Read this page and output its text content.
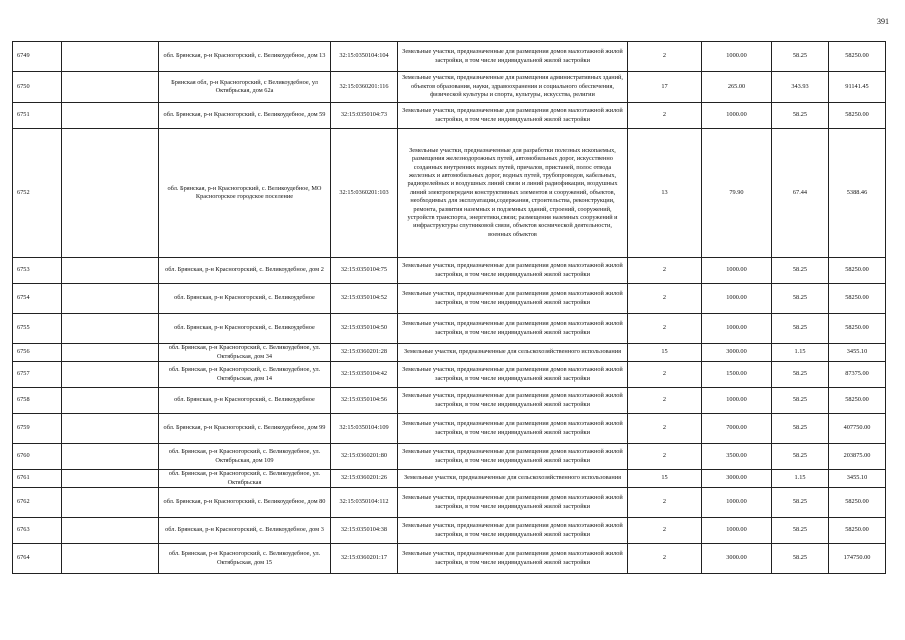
391
6749		обл. Брянская, р-н Красногорский, с. Великоудебное, дом 13	32:15:0350104:104	Земельные участки, предназначенные для размещения домов малоэтажной жилой застройки, в том числе индивидуальной жилой застройки	2	1000.00	58.25	58250.00
6750		Брянская обл, р-н Красногорский, с Великоудебное, ул Октябрьская, дом 62а	32:15:0360201:116	Земельные участки, предназначенные для размещения административных зданий, объектов образования, науки, здравоохранения и социального обеспечения, физической культуры и спорта, культуры, искусства, религии	17	265.00	343.93	91141.45
6751		обл. Брянская, р-н Красногорский, с. Великоудебное, дом 59	32:15:0350104:73	Земельные участки, предназначенные для размещения домов малоэтажной жилой застройки, в том числе индивидуальной жилой застройки	2	1000.00	58.25	58250.00
6752		обл. Брянская, р-н Красногорский, с. Великоудебное, МО Красногорское городское поселение	32:15:0360201:103	Земельные участки, предназначенные для разработки полезных ископаемых, размещения железнодорожных путей, автомобильных дорог, искусственно созданных внутренних водных путей, причалов, пристаней, полос отвода железных и автомобильных дорог, водных путей, трубопроводов, кабельных, радиорелейных и воздушных линий связи и линий радиофикации, воздушных линий электропередачи конструктивных элементов и сооружений, объектов, необходимых для эксплуатации,содержания, строительства, реконструкции, ремонта, развития наземных и подземных зданий, строений, сооружений, устройств транспорта, энергетики,связи; размещения наземных сооружений и инфраструктуры спутниковой связи, объектов космической деятельности, военных объектов	13	79.90	67.44	5388.46
6753		обл. Брянская, р-н Красногорский, с. Великоудебное, дом 2	32:15:0350104:75	Земельные участки, предназначенные для размещения домов малоэтажной жилой застройки, в том числе индивидуальной жилой застройки	2	1000.00	58.25	58250.00
6754		обл. Брянская, р-н Красногорский, с. Великоудебное	32:15:0350104:52	Земельные участки, предназначенные для размещения домов малоэтажной жилой застройки, в том числе индивидуальной жилой застройки	2	1000.00	58.25	58250.00
6755		обл. Брянская, р-н Красногорский, с. Великоудебное	32:15:0350104:50	Земельные участки, предназначенные для размещения домов малоэтажной жилой застройки, в том числе индивидуальной жилой застройки	2	1000.00	58.25	58250.00
6756		обл. Брянская, р-н Красногорский, с. Великоудебное, ул. Октябрьская, дом 34	32:15:0360201:28	Земельные участки, предназначенные для сельскохозяйственного использования	15	3000.00	1.15	3455.10
6757		обл. Брянская, р-н Красногорский, с. Великоудебное, ул. Октябрьская, дом 14	32:15:0350104:42	Земельные участки, предназначенные для размещения домов малоэтажной жилой застройки, в том числе индивидуальной жилой застройки	2	1500.00	58.25	87375.00
6758		обл. Брянская, р-н Красногорский, с. Великоудебное	32:15:0350104:56	Земельные участки, предназначенные для размещения домов малоэтажной жилой застройки, в том числе индивидуальной жилой застройки	2	1000.00	58.25	58250.00
6759		обл. Брянская, р-н Красногорский, с. Великоудебное, дом 99	32:15:0350104:109	Земельные участки, предназначенные для размещения домов малоэтажной жилой застройки, в том числе индивидуальной жилой застройки	2	7000.00	58.25	407750.00
6760		обл. Брянская, р-н Красногорский, с. Великоудебное, ул. Октябрьская, дом 109	32:15:0360201:80	Земельные участки, предназначенные для размещения домов малоэтажной жилой застройки, в том числе индивидуальной жилой застройки	2	3500.00	58.25	203875.00
6761		обл. Брянская, р-н Красногорский, с. Великоудебное, ул. Октябрьская	32:15:0360201:26	Земельные участки, предназначенные для сельскохозяйственного использования	15	3000.00	1.15	3455.10
6762		обл. Брянская, р-н Красногорский, с. Великоудебное, дом 80	32:15:0350104:112	Земельные участки, предназначенные для размещения домов малоэтажной жилой застройки, в том числе индивидуальной жилой застройки	2	1000.00	58.25	58250.00
6763		обл. Брянская, р-н Красногорский, с. Великоудебное, дом 3	32:15:0350104:38	Земельные участки, предназначенные для размещения домов малоэтажной жилой застройки, в том числе индивидуальной жилой застройки	2	1000.00	58.25	58250.00
6764		обл. Брянская, р-н Красногорский, с. Великоудебное, ул. Октябрьская, дом 15	32:15:0360201:17	Земельные участки, предназначенные для размещения домов малоэтажной жилой застройки, в том числе индивидуальной жилой застройки	2	3000.00	58.25	174750.00
